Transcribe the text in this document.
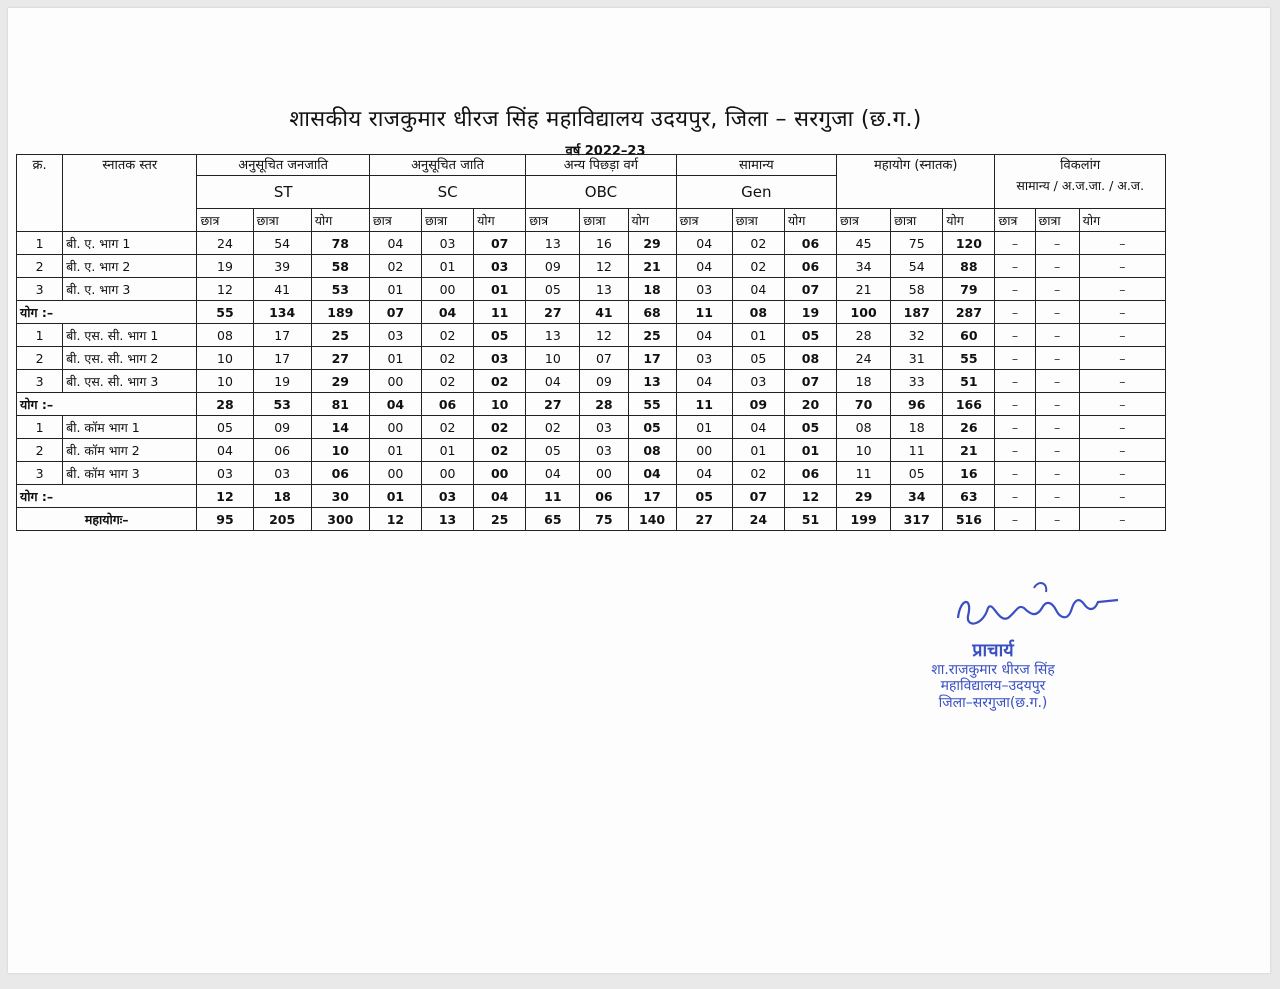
शासकीय राजकुमार धीरज सिंह महाविद्यालय उदयपुर, जिला – सरगुजा (छ.ग.)
वर्ष 2022–23
क्र.	स्नातक स्तर	अनुसूचित जनजाति			अनुसूचित जाति			अन्य पिछड़ा वर्ग			सामान्य			महायोग (स्नातक)			विकलांग
सामान्य / अ.ज.जा. / अ.ज.		

		ST			SC			OBC			Gen								
		छात्र	छात्रा	योग	छात्र	छात्रा	योग	छात्र	छात्रा	योग	छात्र	छात्रा	योग	छात्र	छात्रा	योग	छात्र	छात्रा	योग
1	बी. ए. भाग 1	24	54	78	04	03	07	13	16	29	04	02	06	45	75	120	–	–	–
2	बी. ए. भाग 2	19	39	58	02	01	03	09	12	21	04	02	06	34	54	88	–	–	–
3	बी. ए. भाग 3	12	41	53	01	00	01	05	13	18	03	04	07	21	58	79	–	–	–
योग :–		55	134	189	07	04	11	27	41	68	11	08	19	100	187	287	–	–	–
1	बी. एस. सी. भाग 1	08	17	25	03	02	05	13	12	25	04	01	05	28	32	60	–	–	–
2	बी. एस. सी. भाग 2	10	17	27	01	02	03	10	07	17	03	05	08	24	31	55	–	–	–
3	बी. एस. सी. भाग 3	10	19	29	00	02	02	04	09	13	04	03	07	18	33	51	–	–	–
योग :–		28	53	81	04	06	10	27	28	55	11	09	20	70	96	166	–	–	–
1	बी. कॉम भाग 1	05	09	14	00	02	02	02	03	05	01	04	05	08	18	26	–	–	–
2	बी. कॉम भाग 2	04	06	10	01	01	02	05	03	08	00	01	01	10	11	21	–	–	–
3	बी. कॉम भाग 3	03	03	06	00	00	00	04	00	04	04	02	06	11	05	16	–	–	–
योग :–		12	18	30	01	03	04	11	06	17	05	07	12	29	34	63	–	–	–
महायोगः–		95	205	300	12	13	25	65	75	140	27	24	51	199	317	516	–	–	–
प्राचार्य
शा.राजकुमार धीरज सिंह
महाविद्यालय–उदयपुर
जिला–सरगुजा(छ.ग.)
